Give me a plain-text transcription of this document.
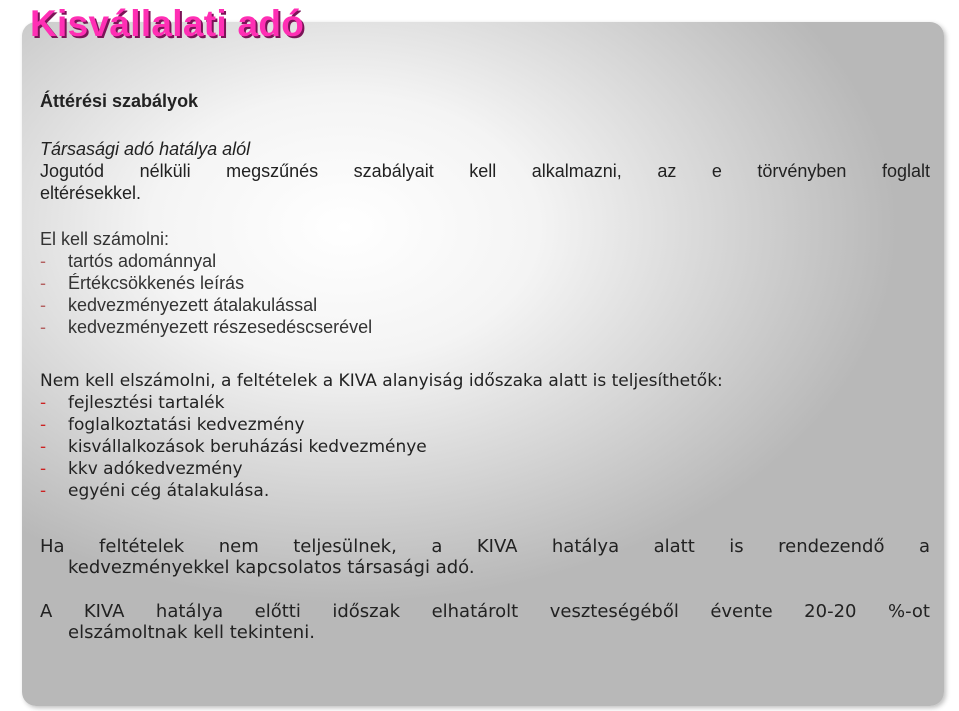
Kisvállalati adó

Áttérési szabályok

Társasági adó hatálya alól

Jogutód nélküli megszűnés szabályait kell alkalmazni, az e törvényben foglalt
eltérésekkel.
El kell számolni:
- tartós adománnyal
- Értékcsökkenés leírás
- kedvezményezett átalakulással
- kedvezményezett részesedéscserével
Nem kell elszámolni, a feltételek a KIVA alanyiság időszaka alatt is teljesíthetők:
- fejlesztési tartalék
- foglalkoztatási kedvezmény
- kisvállalkozások beruházási kedvezménye
- kkv adókedvezmény
- egyéni cég átalakulása.
Ha feltételek nem teljesülnek, a KIVA hatálya alatt is rendezendő a
kedvezményekkel kapcsolatos társasági adó.
A KIVA hatálya előtti időszak elhatárolt veszteségéből évente 20-20 %-ot
elszámoltnak kell tekinteni.
